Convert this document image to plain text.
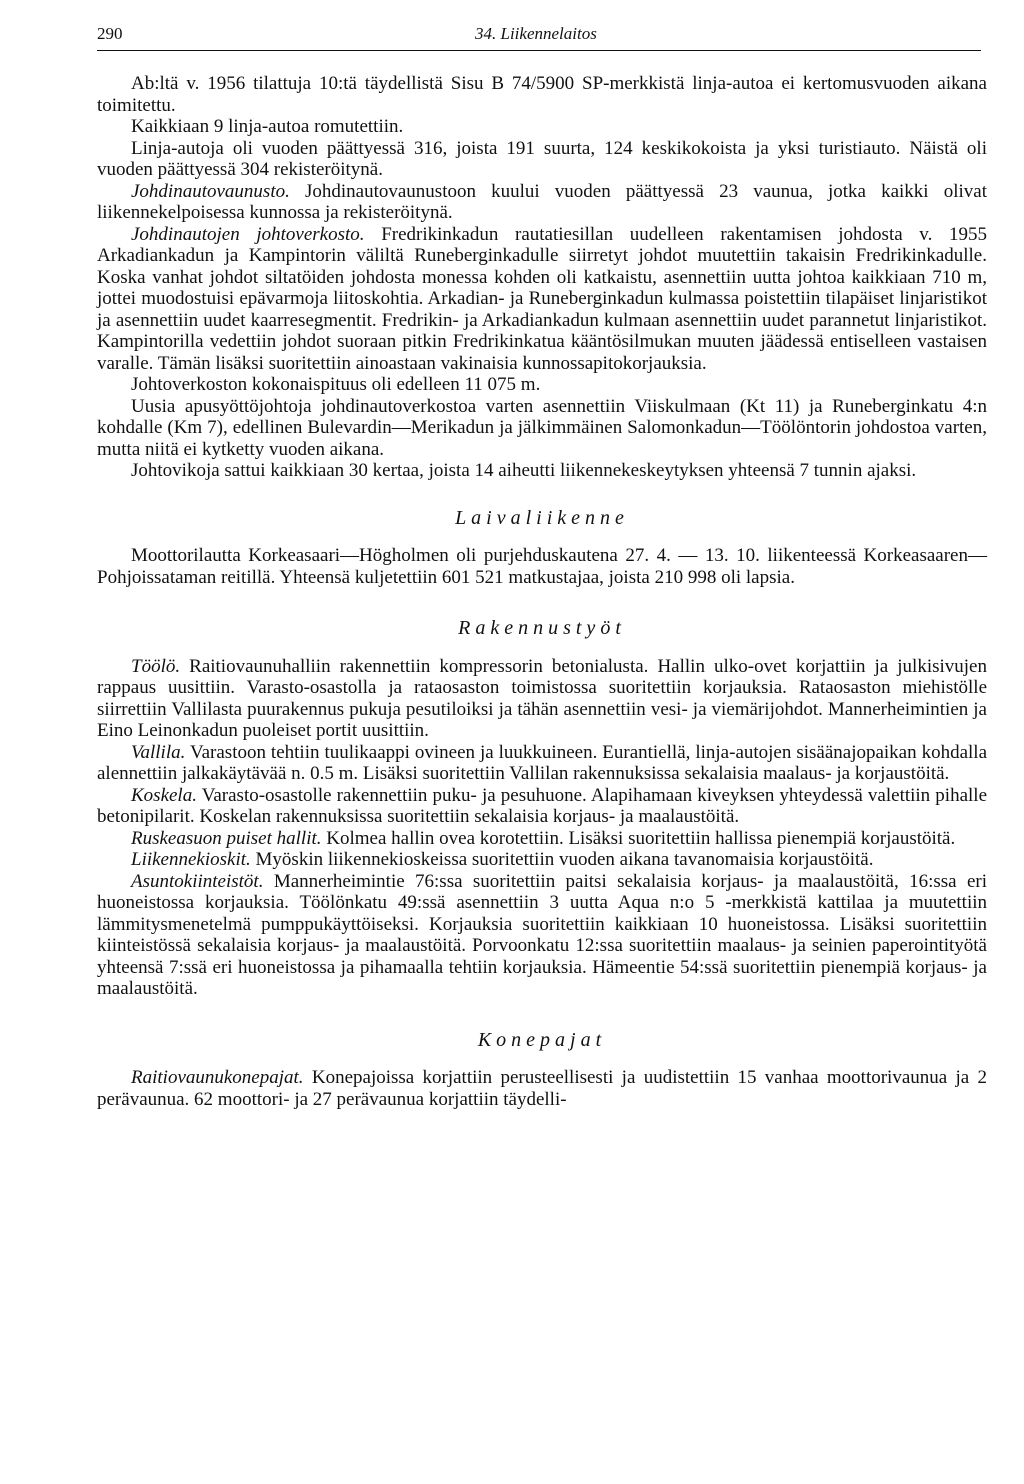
290	34. Liikennelaitos

Ab:ltä v. 1956 tilattuja 10:tä täydellistä Sisu B 74/5900 SP-merkkistä linja-autoa ei kertomusvuoden aikana toimitettu.

Kaikkiaan 9 linja-autoa romutettiin.

Linja-autoja oli vuoden päättyessä 316, joista 191 suurta, 124 keskikokoista ja yksi turistiauto. Näistä oli vuoden päättyessä 304 rekisteröitynä.

Johdinautovaunusto. Johdinautovaunustoon kuului vuoden päättyessä 23 vaunua, jotka kaikki olivat liikennekelpoisessa kunnossa ja rekisteröitynä.

Johdinautojen johtoverkosto. Fredrikinkadun rautatiesillan uudelleen rakentamisen johdosta v. 1955 Arkadiankadun ja Kampintorin väliltä Runeberginkadulle siirretyt johdot muutettiin takaisin Fredrikinkadulle. Koska vanhat johdot siltatöiden johdosta monessa kohden oli katkaistu, asennettiin uutta johtoa kaikkiaan 710 m, jottei muodostuisi epävarmoja liitoskohtia. Arkadian- ja Runeberginkadun kulmassa poistettiin tilapäiset linjaristikot ja asennettiin uudet kaarresegmentit. Fredrikin- ja Arkadiankadun kulmaan asennettiin uudet parannetut linjaristikot. Kampintorilla vedettiin johdot suoraan pitkin Fredrikinkatua kääntösilmukan muuten jäädessä entiselleen vastaisen varalle. Tämän lisäksi suoritettiin ainoastaan vakinaisia kunnossapitokorjauksia.

Johtoverkoston kokonaispituus oli edelleen 11 075 m.

Uusia apusyöttöjohtoja johdinautoverkostoa varten asennettiin Viiskulmaan (Kt 11) ja Runeberginkatu 4:n kohdalle (Km 7), edellinen Bulevardin—Merikadun ja jälkimmäinen Salomonkadun—Töölöntorin johdostoa varten, mutta niitä ei kytketty vuoden aikana.

Johtovikoja sattui kaikkiaan 30 kertaa, joista 14 aiheutti liikennekeskeytyksen yhteensä 7 tunnin ajaksi.

Laivaliikenne

Moottorilautta Korkeasaari—Högholmen oli purjehduskautena 27. 4. — 13. 10. liikenteessä Korkeasaaren—Pohjoissataman reitillä. Yhteensä kuljetettiin 601 521 matkustajaa, joista 210 998 oli lapsia.

Rakennustyöt

Töölö. Raitiovaunuhalliin rakennettiin kompressorin betonialusta. Hallin ulko-ovet korjattiin ja julkisivujen rappaus uusittiin. Varasto-osastolla ja rataosaston toimistossa suoritettiin korjauksia. Rataosaston miehistölle siirrettiin Vallilasta puurakennus pukuja pesutiloiksi ja tähän asennettiin vesi- ja viemärijohdot. Mannerheimintien ja Eino Leinonkadun puoleiset portit uusittiin.

Vallila. Varastoon tehtiin tuulikaappi ovineen ja luukkuineen. Eurantiellä, linja-autojen sisäänajopaikan kohdalla alennettiin jalkakäytävää n. 0.5 m. Lisäksi suoritettiin Vallilan rakennuksissa sekalaisia maalaus- ja korjaustöitä.

Koskela. Varasto-osastolle rakennettiin puku- ja pesuhuone. Alapihamaan kiveyksen yhteydessä valettiin pihalle betonipilarit. Koskelan rakennuksissa suoritettiin sekalaisia korjaus- ja maalaustöitä.

Ruskeasuon puiset hallit. Kolmea hallin ovea korotettiin. Lisäksi suoritettiin hallissa pienempiä korjaustöitä.

Liikennekioskit. Myöskin liikennekioskeissa suoritettiin vuoden aikana tavanomaisia korjaustöitä.

Asuntokiinteistöt. Mannerheimintie 76:ssa suoritettiin paitsi sekalaisia korjaus- ja maalaustöitä, 16:ssa eri huoneistossa korjauksia. Töölönkatu 49:ssä asennettiin 3 uutta Aqua n:o 5 -merkkistä kattilaa ja muutettiin lämmitysmenetelmä pumppukäyttöiseksi. Korjauksia suoritettiin kaikkiaan 10 huoneistossa. Lisäksi suoritettiin kiinteistössä sekalaisia korjaus- ja maalaustöitä. Porvoonkatu 12:ssa suoritettiin maalaus- ja seinien paperointityötä yhteensä 7:ssä eri huoneistossa ja pihamaalla tehtiin korjauksia. Hämeentie 54:ssä suoritettiin pienempiä korjaus- ja maalaustöitä.

Konepajat

Raitiovaunukonepajat. Konepajoissa korjattiin perusteellisesti ja uudistettiin 15 vanhaa moottorivaunua ja 2 perävaunua. 62 moottori- ja 27 perävaunua korjattiin täydelli-
